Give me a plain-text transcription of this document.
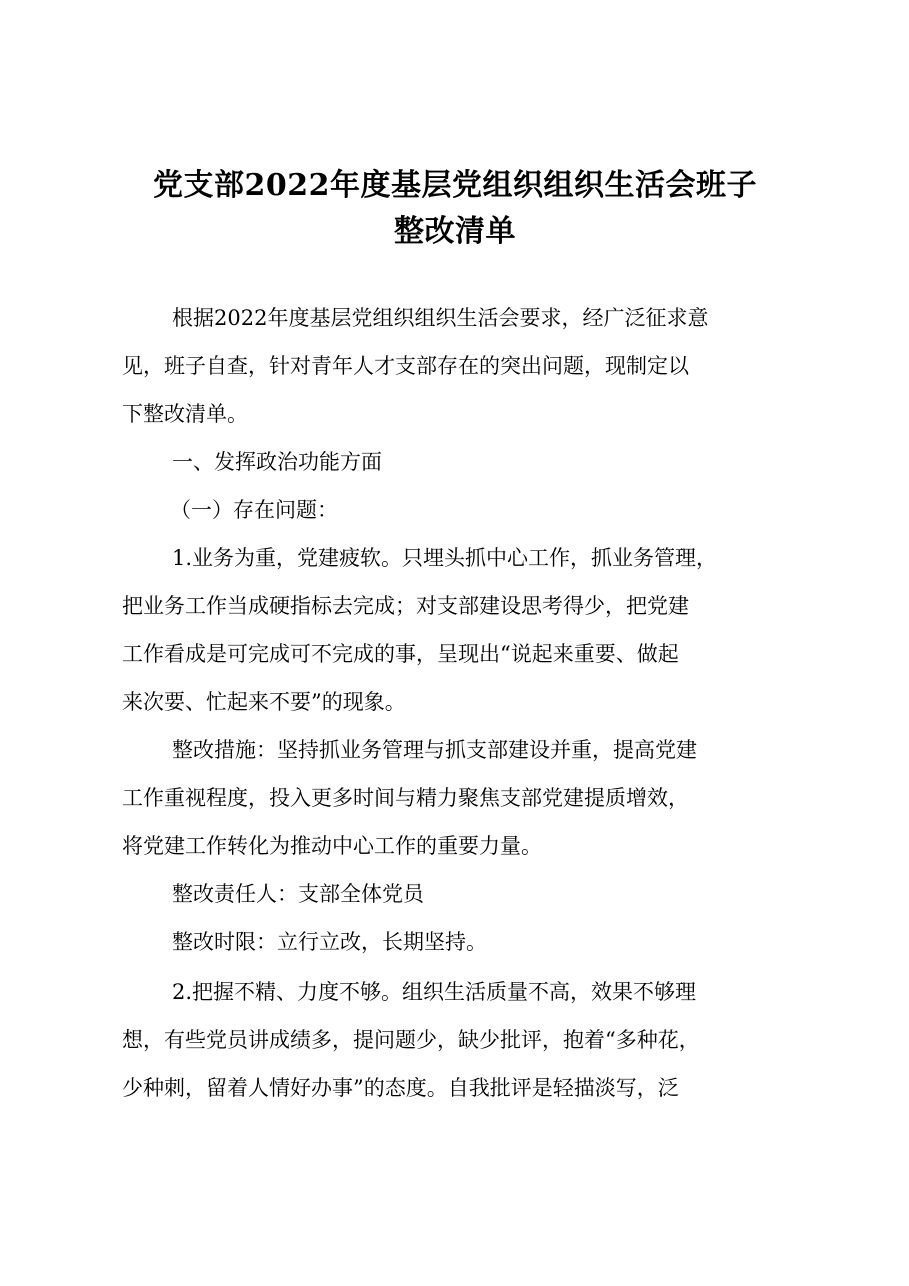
党支部2022年度基层党组织组织生活会班子
整改清单
根据2022年度基层党组织组织生活会要求，经广泛征求意
见，班子自查，针对青年人才支部存在的突出问题，现制定以
下整改清单。
一、发挥政治功能方面
（一）存在问题：
1.业务为重，党建疲软。只埋头抓中心工作，抓业务管理，
把业务工作当成硬指标去完成；对支部建设思考得少，把党建
工作看成是可完成可不完成的事，呈现出“说起来重要、做起
来次要、忙起来不要”的现象。
整改措施：坚持抓业务管理与抓支部建设并重，提高党建
工作重视程度，投入更多时间与精力聚焦支部党建提质增效，
将党建工作转化为推动中心工作的重要力量。
整改责任人：支部全体党员
整改时限：立行立改，长期坚持。
2.把握不精、力度不够。组织生活质量不高，效果不够理
想，有些党员讲成绩多，提问题少，缺少批评，抱着“多种花，
少种刺，留着人情好办事”的态度。自我批评是轻描淡写，泛
